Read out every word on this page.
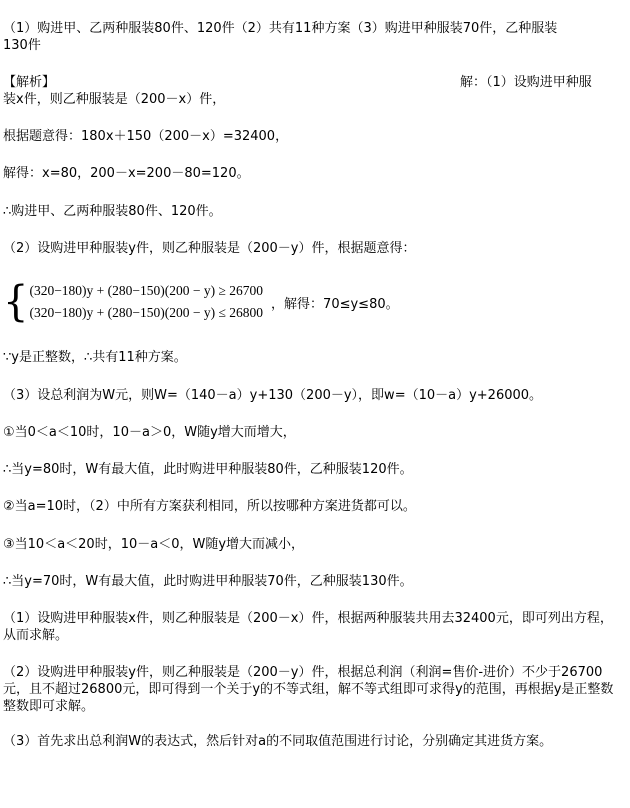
（1）购进甲、乙两种服装80件、120件（2）共有11种方案（3）购进甲种服装70件，乙种服装
130件
【解析】	解：（1）设购进甲种服
装x件，则乙种服装是（200－x）件，
根据题意得：180x＋150（200－x）=32400，
解得：x=80，200－x=200－80=120。
∴购进甲、乙两种服装80件、120件。
（2）设购进甲种服装y件，则乙种服装是（200－y）件，根据题意得：
{ (320−180)y + (280−150)(200 − y) ≥ 26700
(320−180)y + (280−150)(200 − y) ≤ 26800
，解得：70≤y≤80。
∵y是正整数，∴共有11种方案。
（3）设总利润为W元，则W=（140－a）y+130（200－y），即w=（10－a）y+26000。
①当0＜a＜10时，10－a＞0，W随y增大而增大，
∴当y=80时，W有最大值，此时购进甲种服装80件，乙种服装120件。
②当a=10时，（2）中所有方案获利相同，所以按哪种方案进货都可以。
③当10＜a＜20时，10－a＜0，W随y增大而减小，
∴当y=70时，W有最大值，此时购进甲种服装70件，乙种服装130件。
（1）设购进甲种服装x件，则乙种服装是（200－x）件，根据两种服装共用去32400元，即可列出方程，从而求解。
（2）设购进甲种服装y件，则乙种服装是（200－y）件，根据总利润（利润=售价-进价）不少于26700元，且不超过26800元，即可得到一个关于y的不等式组，解不等式组即可求得y的范围，再根据y是正整数整数即可求解。
（3）首先求出总利润W的表达式，然后针对a的不同取值范围进行讨论，分别确定其进货方案。
